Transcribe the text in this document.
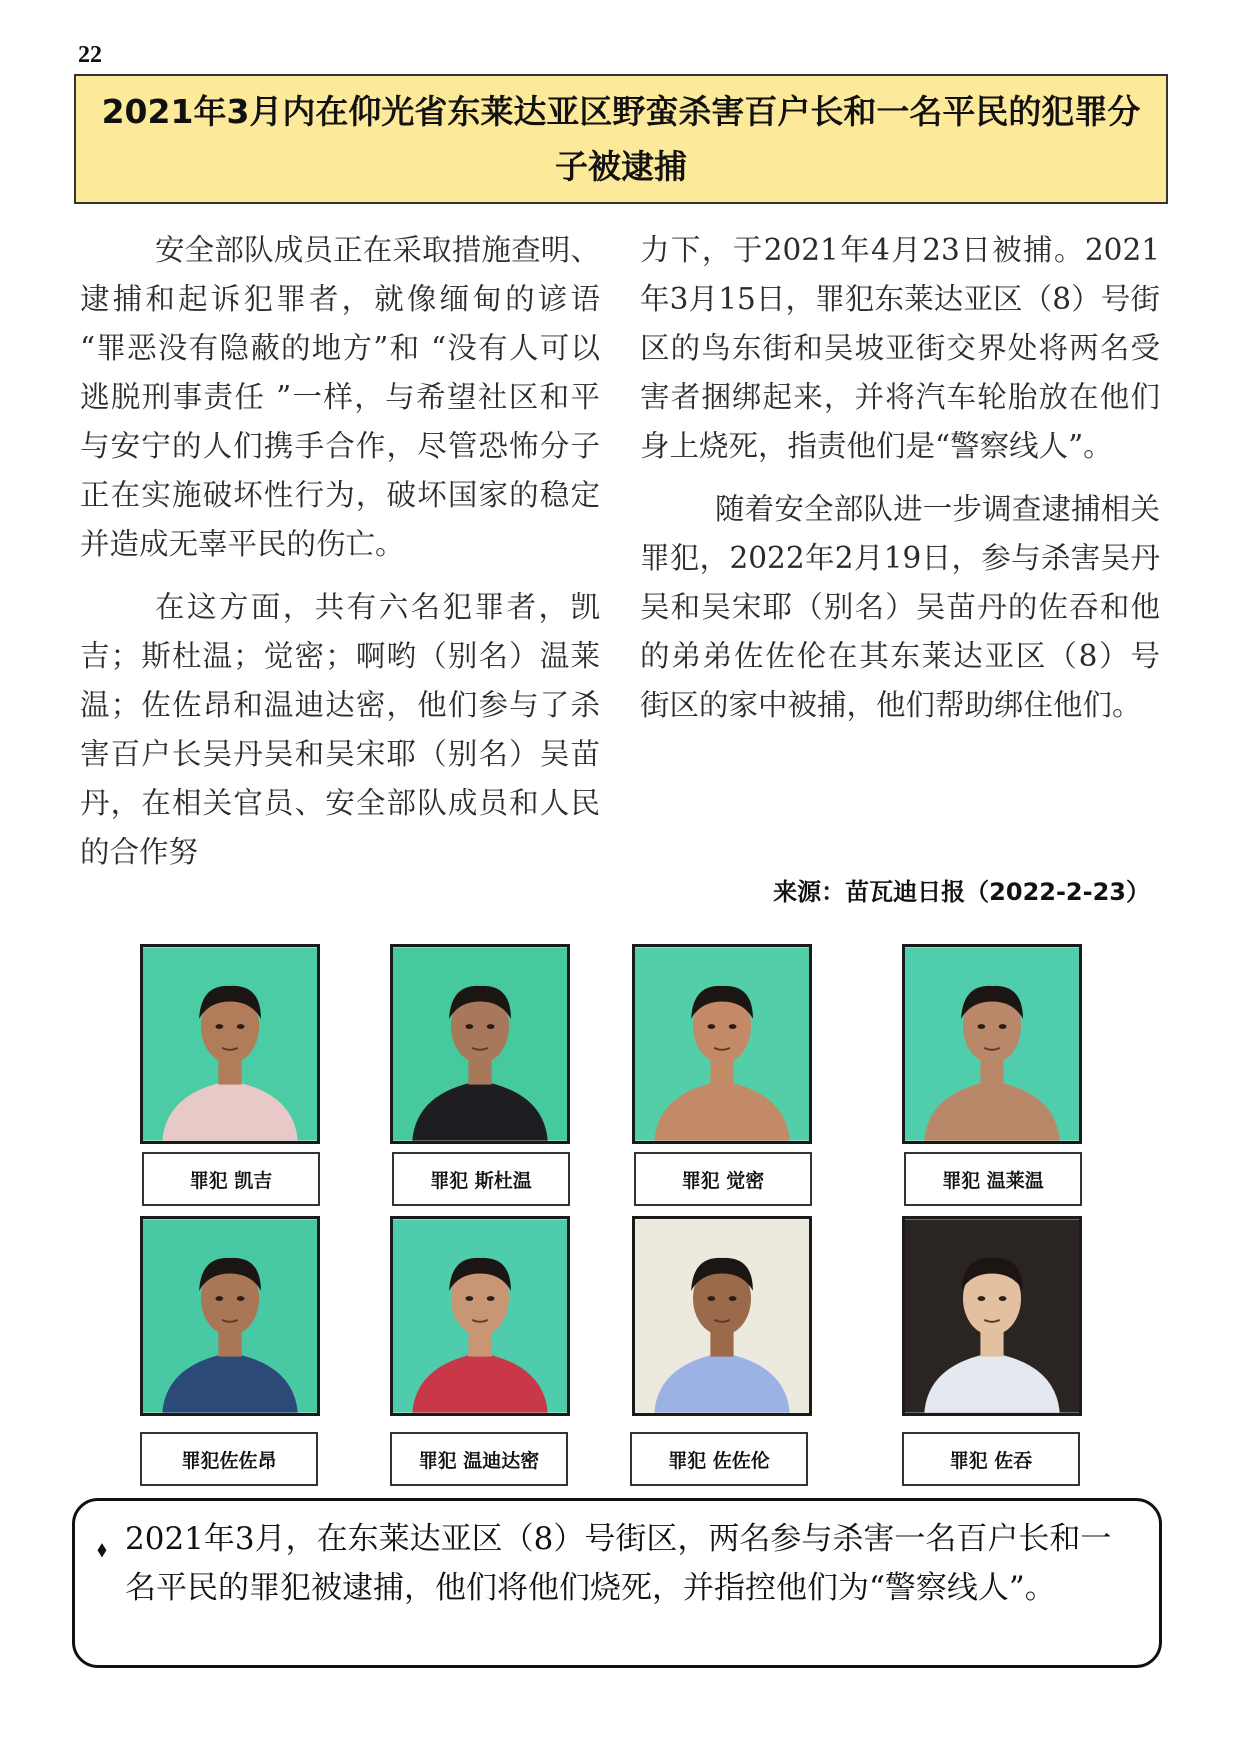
22
2021年3月内在仰光省东莱达亚区野蛮杀害百户长和一名平民的犯罪分子被逮捕

安全部队成员正在采取措施查明、逮捕和起诉犯罪者，就像缅甸的谚语 “罪恶没有隐蔽的地方”和 “没有人可以逃脱刑事责任 ”一样，与希望社区和平与安宁的人们携手合作，尽管恐怖分子正在实施破坏性行为，破坏国家的稳定并造成无辜平民的伤亡。

在这方面，共有六名犯罪者，凯吉；斯杜温；觉密；啊哟（别名）温莱温；佐佐昂和温迪达密，他们参与了杀害百户长吴丹吴和吴宋耶（别名）吴苗丹，在相关官员、安全部队成员和人民的合作努

力下，于2021年4月23日被捕。2021年3月15日，罪犯东莱达亚区（8）号街区的鸟东街和吴坡亚街交界处将两名受害者捆绑起来，并将汽车轮胎放在他们身上烧死，指责他们是“警察线人”。

随着安全部队进一步调查逮捕相关罪犯，2022年2月19日，参与杀害吴丹吴和吴宋耶（别名）吴苗丹的佐吞和他的弟弟佐佐伦在其东莱达亚区（8）号街区的家中被捕，他们帮助绑住他们。

来源：苗瓦迪日报（2022-2-23）
罪犯 凯吉	罪犯 斯杜温	罪犯 觉密	罪犯 温莱温
罪犯佐佐昂	罪犯 温迪达密	罪犯 佐佐伦	罪犯 佐吞
⬧ 2021年3月，在东莱达亚区（8）号街区，两名参与杀害一名百户长和一名平民的罪犯被逮捕，他们将他们烧死，并指控他们为“警察线人”。
